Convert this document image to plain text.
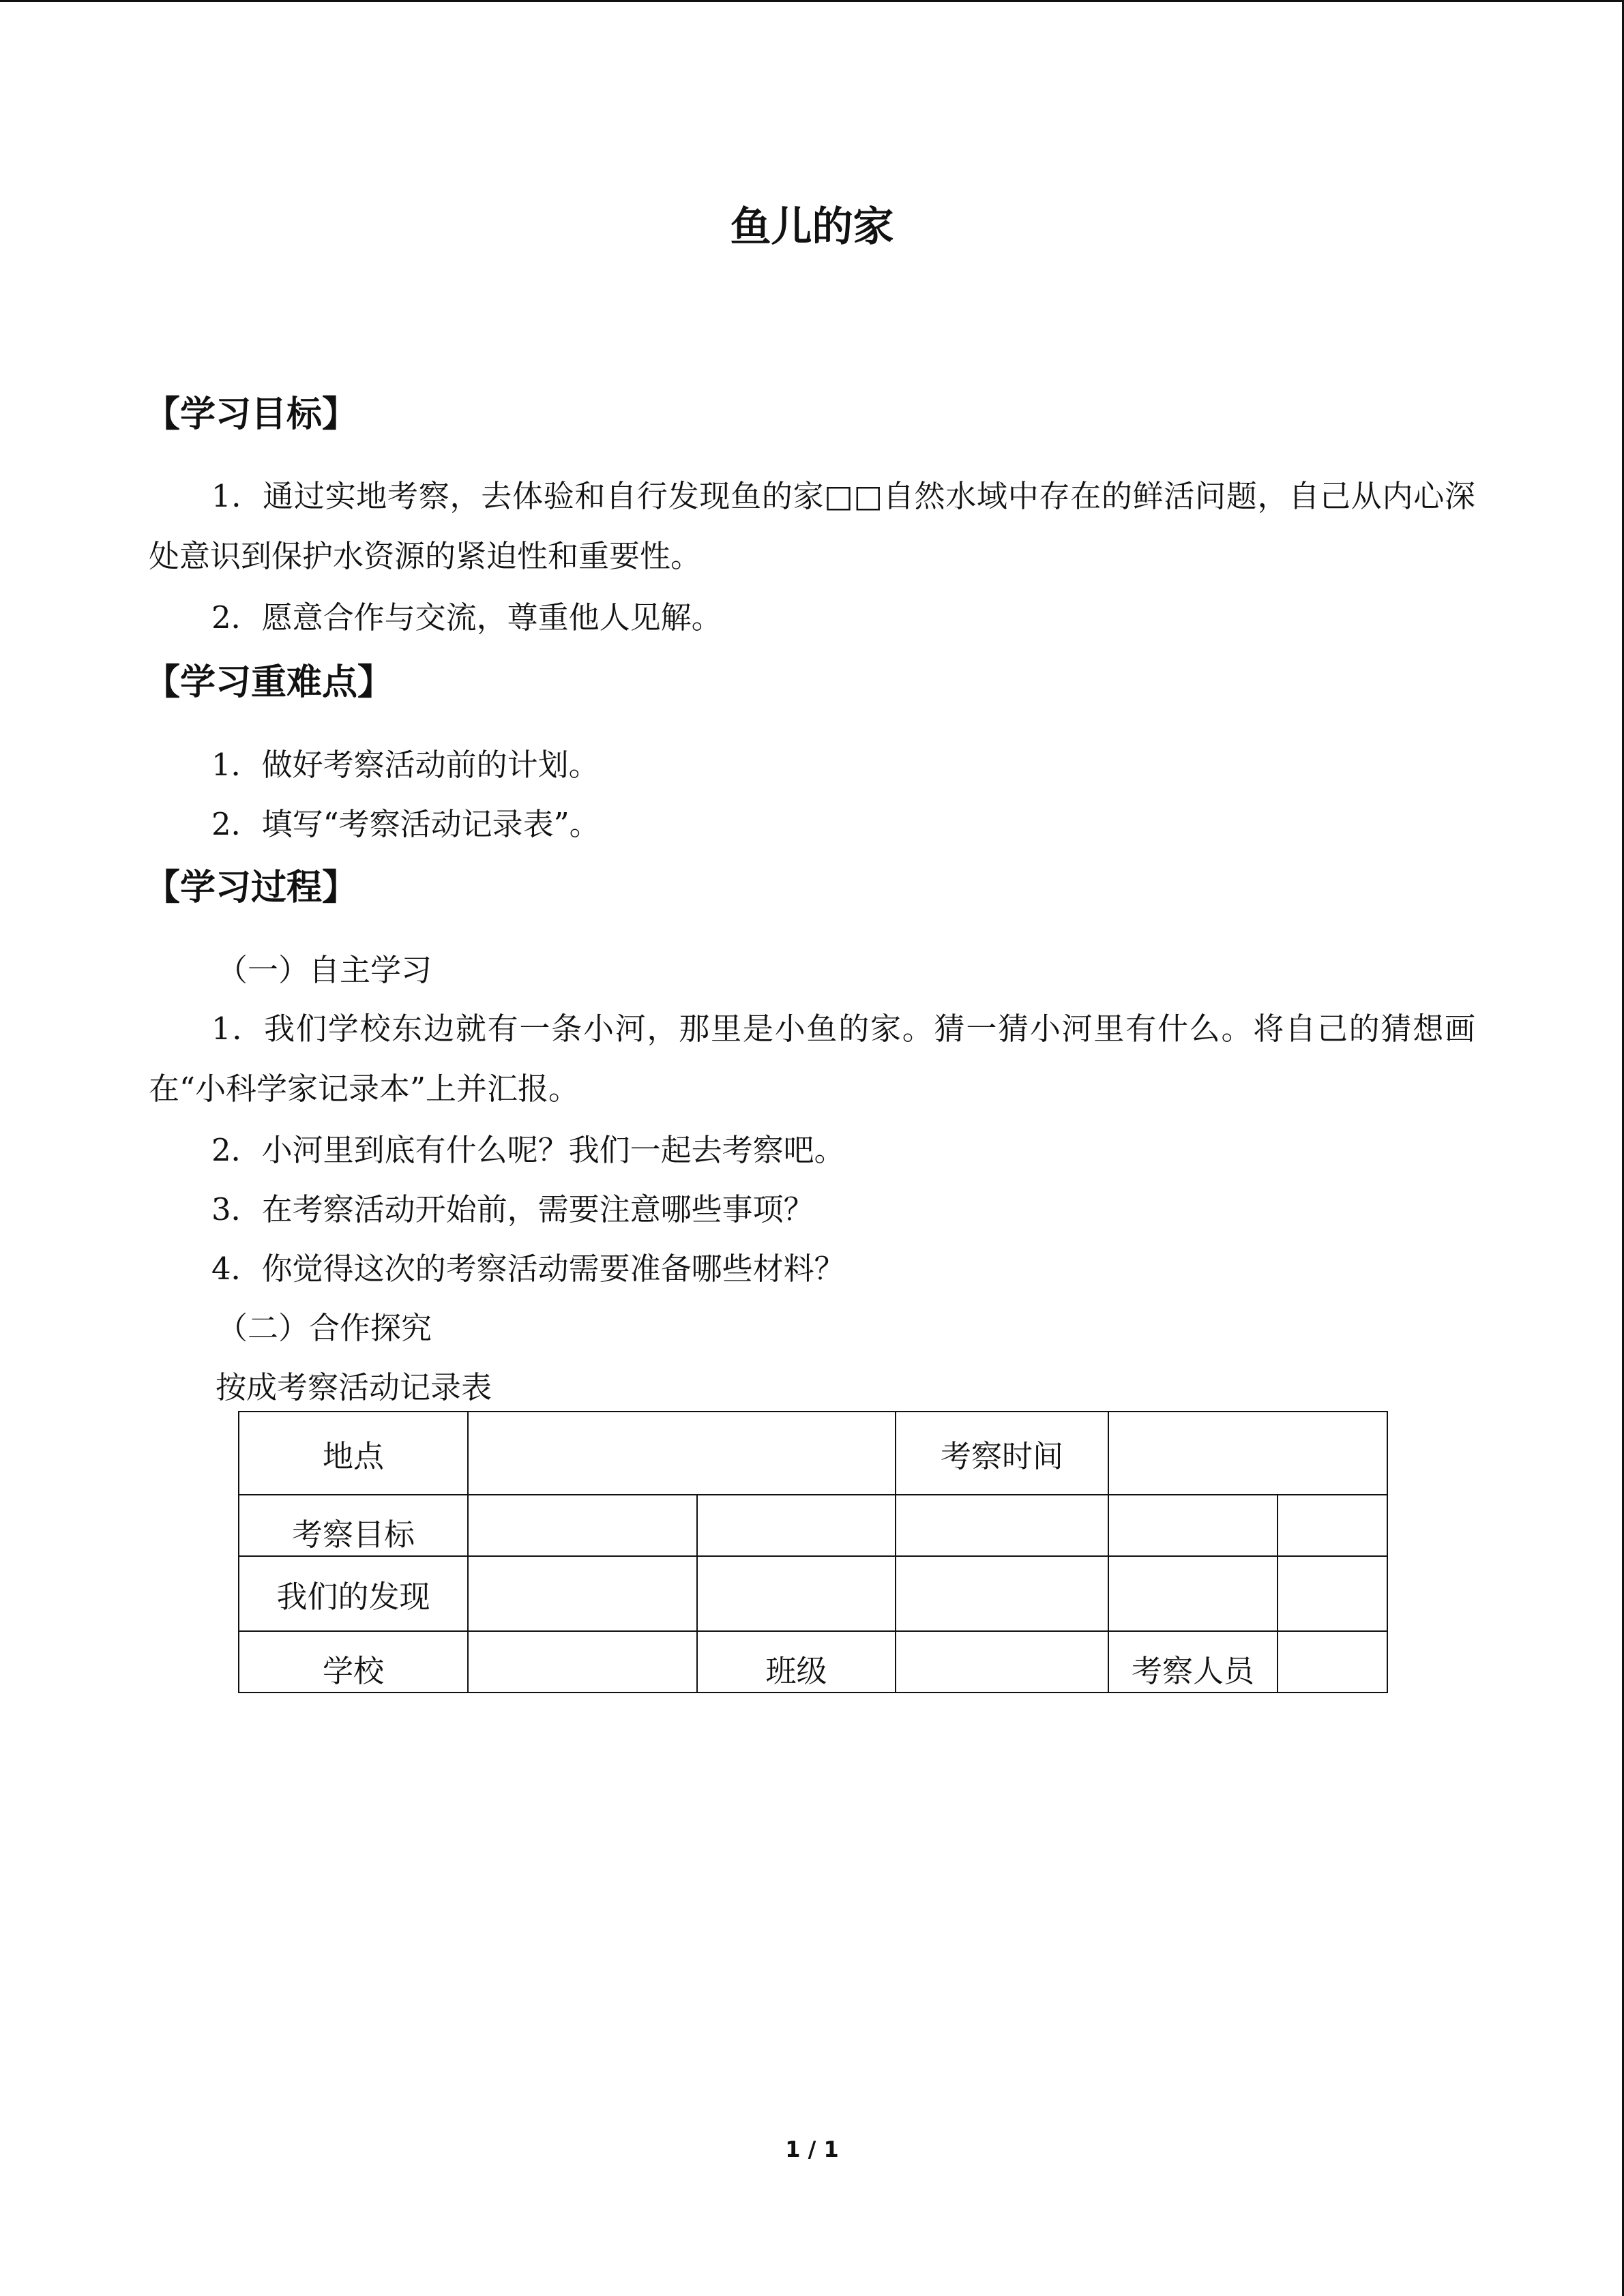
鱼儿的家
【学习目标】
1．通过实地考察，去体验和自行发现鱼的家□□自然水域中存在的鲜活问题，自己从内心深处意识到保护水资源的紧迫性和重要性。
2．愿意合作与交流，尊重他人见解。
【学习重难点】
1．做好考察活动前的计划。
2．填写“考察活动记录表”。
【学习过程】
（一）自主学习
1．我们学校东边就有一条小河，那里是小鱼的家。猜一猜小河里有什么。将自己的猜想画在“小科学家记录本”上并汇报。
2．小河里到底有什么呢？我们一起去考察吧。
3．在考察活动开始前，需要注意哪些事项？
4．你觉得这次的考察活动需要准备哪些材料？
（二）合作探究
按成考察活动记录表
地点			考察时间		
考察目标					
我们的发现					
学校		班级		考察人员	
1 / 1
